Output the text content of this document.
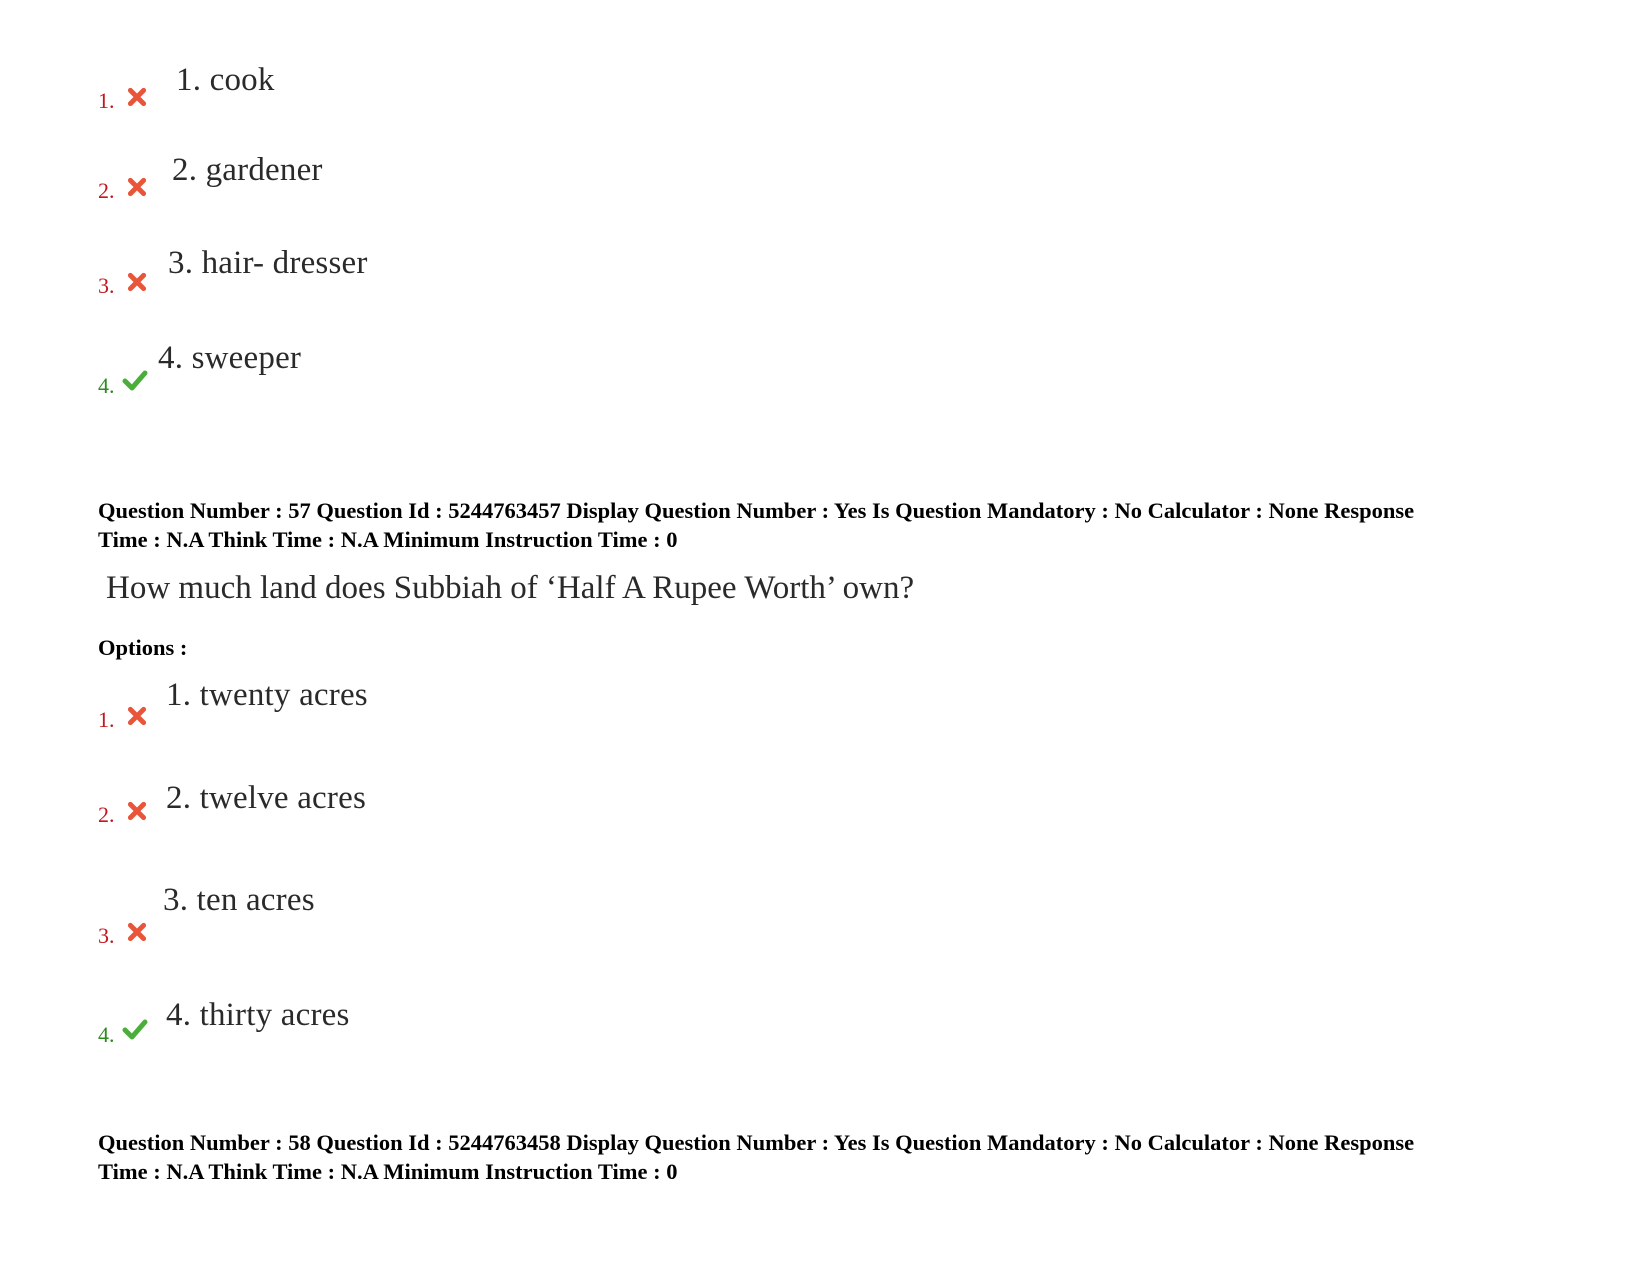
1.
1. cook
2.
2. gardener
3.
3. hair- dresser
4.
4. sweeper
Question Number : 57 Question Id : 5244763457 Display Question Number : Yes Is Question Mandatory : No Calculator : None Response
Time : N.A Think Time : N.A Minimum Instruction Time : 0
How much land does Subbiah of ‘Half A Rupee Worth’ own?
Options :
1.
1. twenty acres
2. 2. twelve acres
3.
3. ten acres
4.
4. thirty acres
Question Number : 58 Question Id : 5244763458 Display Question Number : Yes Is Question Mandatory : No Calculator : None Response
Time : N.A Think Time : N.A Minimum Instruction Time : 0
